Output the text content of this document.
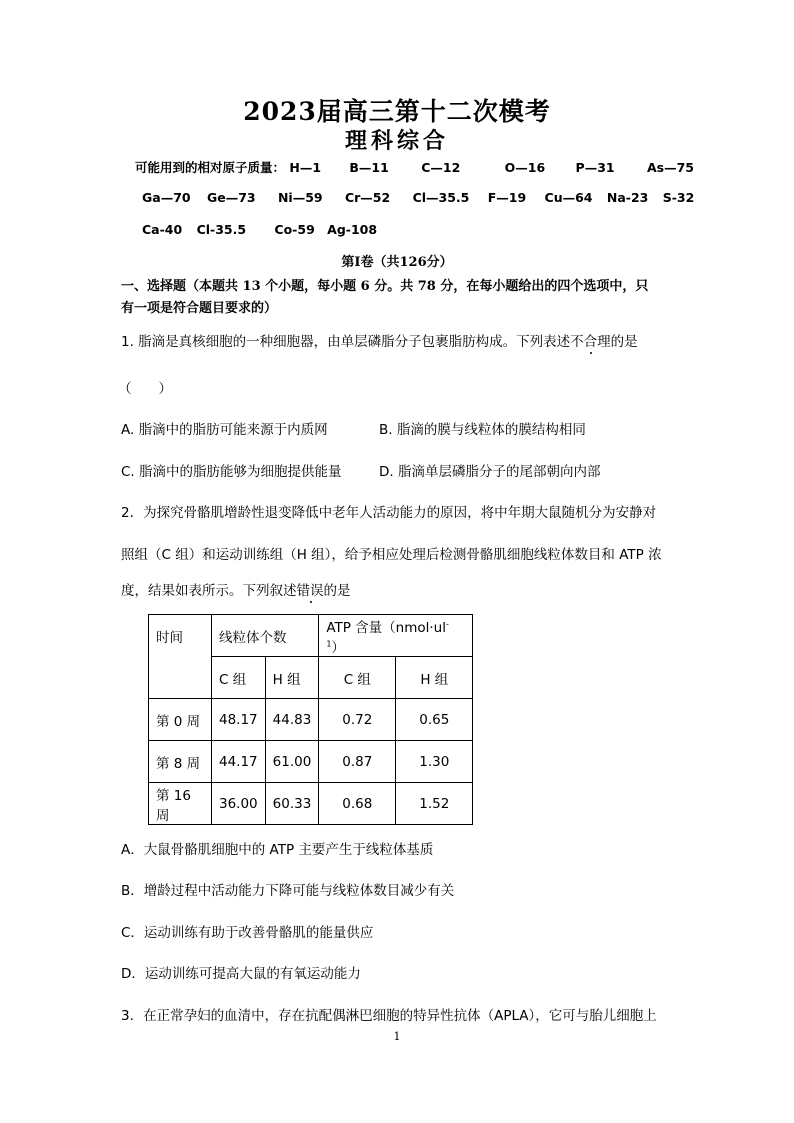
2023届高三第十二次模考
理科综合
可能用到的相对原子质量： H—1 B—11	C—12	O—16 P—31	As—75
Ga—70 Ge—73 Ni—59 Cr—52 Cl—35.5 F—19 Cu—64 Na-23 S-32
Ca-40 Cl-35.5 Co-59 Ag-108
第Ⅰ卷（共126分）
一、选择题（本题共 13 个小题，每小题 6 分。共 78 分，在每小题给出的四个选项中，只
有一项是符合题目要求的）
1. 脂滴是真核细胞的一种细胞器，由单层磷脂分子包裹脂肪构成。下列表述不合理的是
（　　）
A. 脂滴中的脂肪可能来源于内质网	B. 脂滴的膜与线粒体的膜结构相同
C. 脂滴中的脂肪能够为细胞提供能量	D. 脂滴单层磷脂分子的尾部朝向内部
2．为探究骨骼肌增龄性退变降低中老年人活动能力的原因，将中年期大鼠随机分为安静对
照组（C 组）和运动训练组（H 组），给予相应处理后检测骨骼肌细胞线粒体数目和 ATP 浓
度，结果如表所示。下列叙述错误的是
时间	线粒体个数		ATP 含量$(nmol\cdot ul^{-1})$	
	C 组	H 组	C 组	H 组
第 0 周	48.17	44.83	0.72	0.65
第 8 周	44.17	61.00	0.87	1.30
第 16 周	36.00	60.33	0.68	1.52
A．大鼠骨骼肌细胞中的 ATP 主要产生于线粒体基质
B．增龄过程中活动能力下降可能与线粒体数目减少有关
C．运动训练有助于改善骨骼肌的能量供应
D．运动训练可提高大鼠的有氧运动能力
3．在正常孕妇的血清中，存在抗配偶淋巴细胞的特异性抗体（APLA），它可与胎儿细胞上
1
